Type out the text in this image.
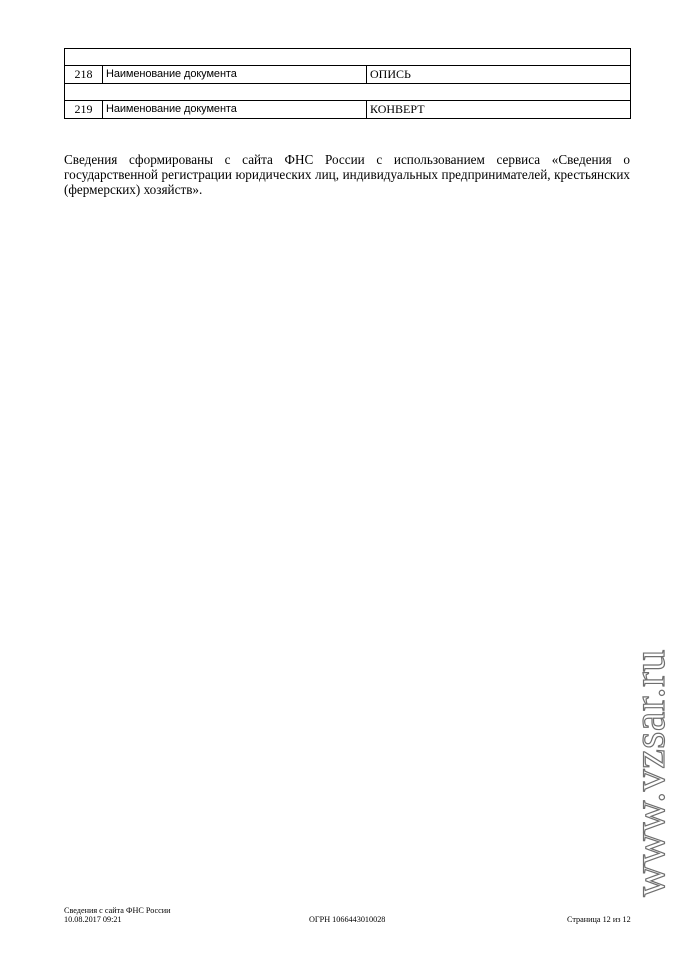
218	Наименование документа	ОПИСЬ

219	Наименование документа	КОНВЕРТ
Сведения сформированы с сайта ФНС России с использованием сервиса «Сведения о государственной регистрации юридических лиц, индивидуальных предпринимателей, крестьянских (фермерских) хозяйств».
Сведения с сайта ФНС России
10.08.2017 09:21	ОГРН 1066443010028	Страница 12 из 12
www.vzsar.ru
